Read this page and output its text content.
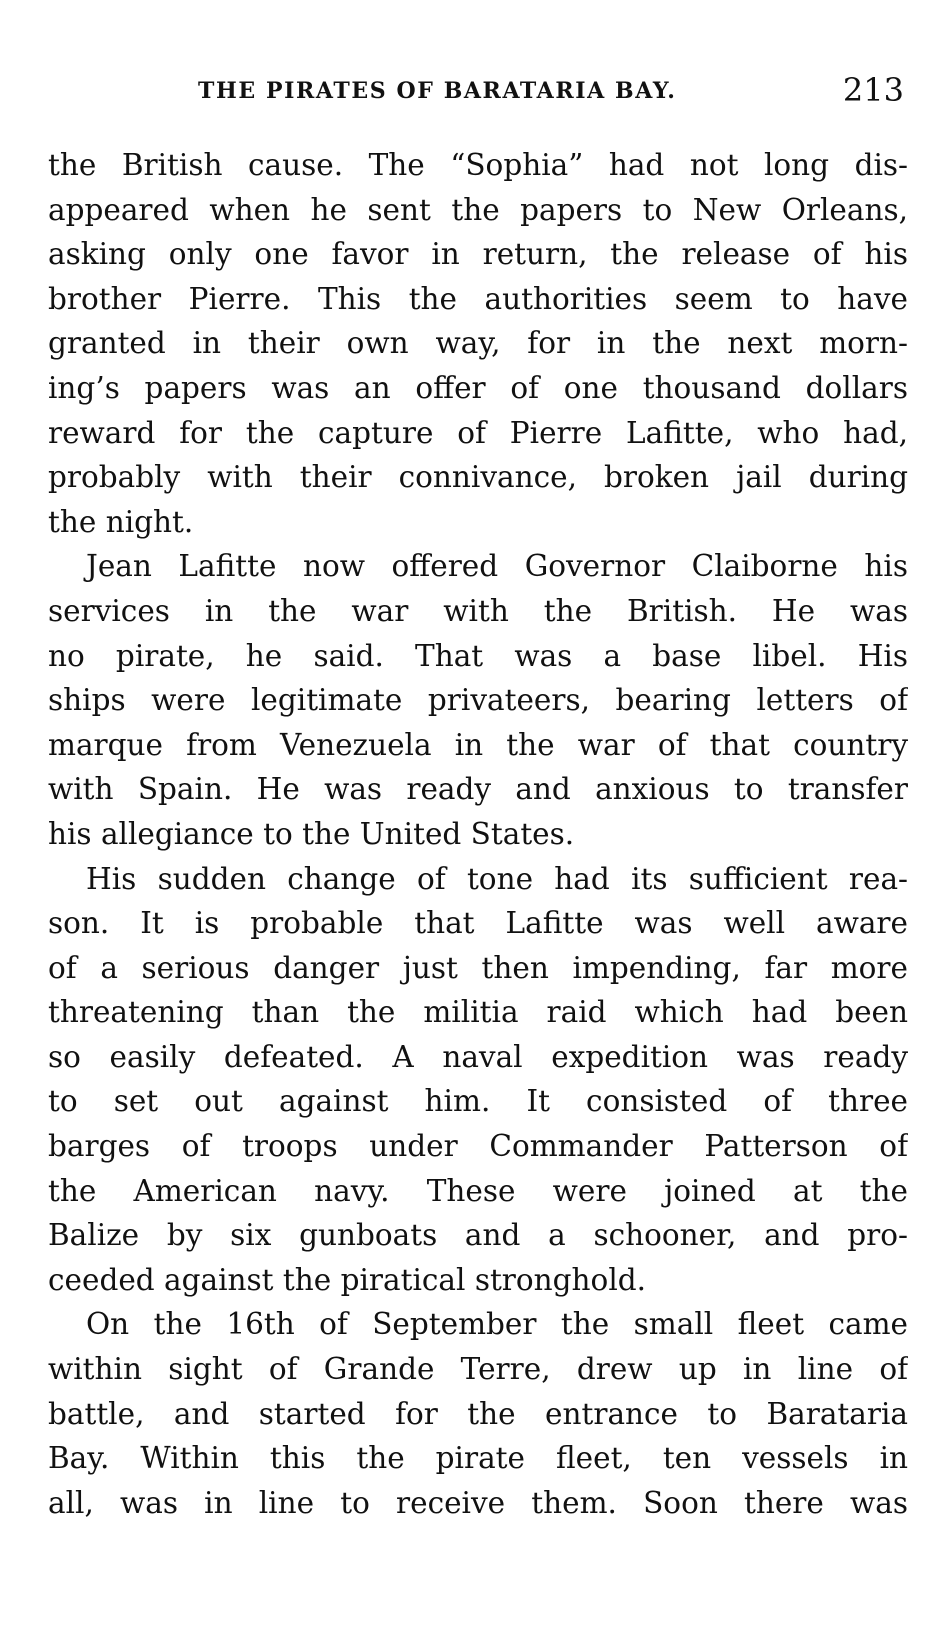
THE PIRATES OF BARATARIA BAY.	213
the British cause. The “Sophia” had not long dis-
appeared when he sent the papers to New Orleans,
asking only one favor in return, the release of his
brother Pierre. This the authorities seem to have
granted in their own way, for in the next morn-
ing’s papers was an offer of one thousand dollars
reward for the capture of Pierre Lafitte, who had,
probably with their connivance, broken jail during
the night.
Jean Lafitte now offered Governor Claiborne his
services in the war with the British. He was
no pirate, he said. That was a base libel. His
ships were legitimate privateers, bearing letters of
marque from Venezuela in the war of that country
with Spain. He was ready and anxious to transfer
his allegiance to the United States.
His sudden change of tone had its sufficient rea-
son. It is probable that Lafitte was well aware
of a serious danger just then impending, far more
threatening than the militia raid which had been
so easily defeated. A naval expedition was ready
to set out against him. It consisted of three
barges of troops under Commander Patterson of
the American navy. These were joined at the
Balize by six gunboats and a schooner, and pro-
ceeded against the piratical stronghold.
On the 16th of September the small fleet came
within sight of Grande Terre, drew up in line of
battle, and started for the entrance to Barataria
Bay. Within this the pirate fleet, ten vessels in
all, was in line to receive them. Soon there was
